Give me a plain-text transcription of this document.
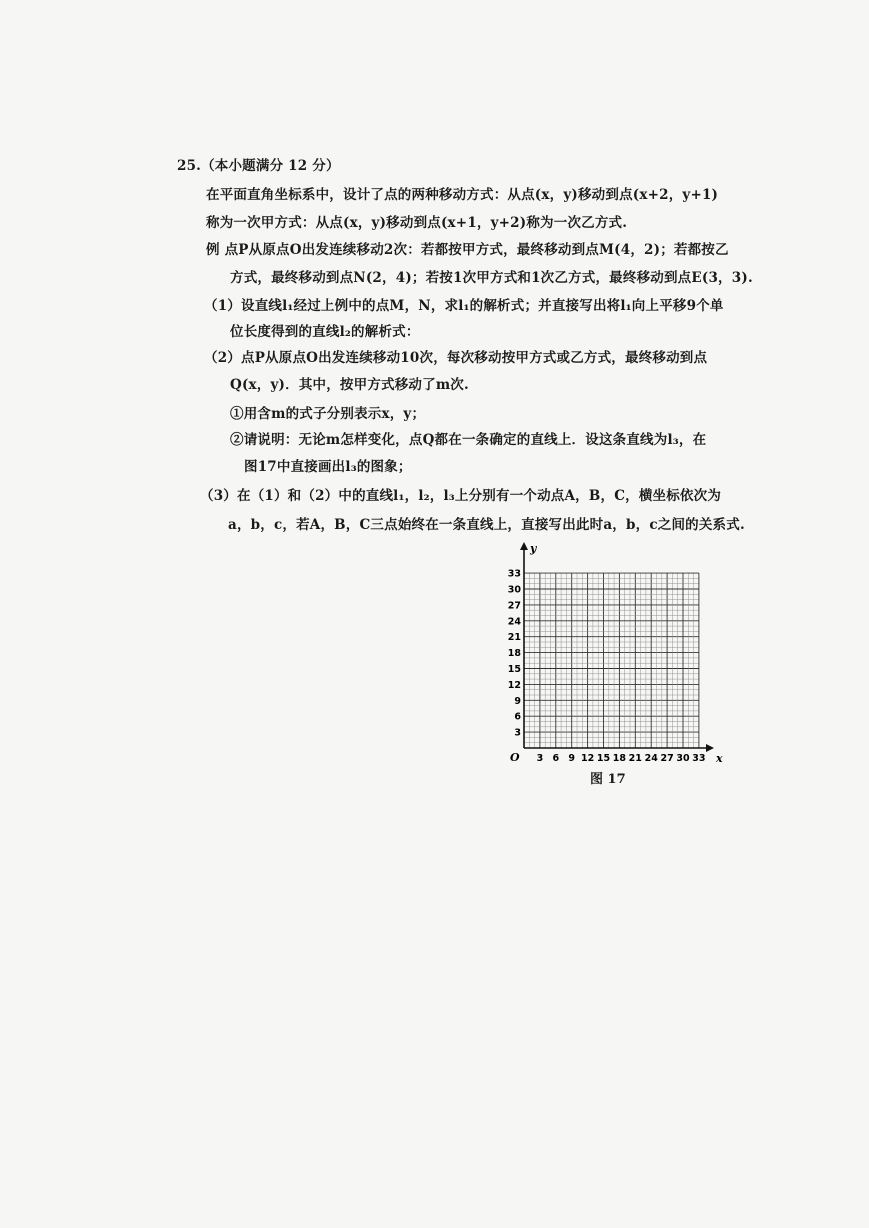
25.（本小题满分 12 分）
在平面直角坐标系中，设计了点的两种移动方式：从点(x，y)移动到点(x+2，y+1)
称为一次甲方式：从点(x，y)移动到点(x+1，y+2)称为一次乙方式.
例 点P从原点O出发连续移动2次：若都按甲方式，最终移动到点M(4，2)；若都按乙
方式，最终移动到点N(2，4)；若按1次甲方式和1次乙方式，最终移动到点E(3，3).
（1）设直线l₁经过上例中的点M，N，求l₁的解析式；并直接写出将l₁向上平移9个单
位长度得到的直线l₂的解析式：
（2）点P从原点O出发连续移动10次，每次移动按甲方式或乙方式，最终移动到点
Q(x，y)．其中，按甲方式移动了m次.
①用含m的式子分别表示x，y；
②请说明：无论m怎样变化，点Q都在一条确定的直线上．设这条直线为l₃，在
图17中直接画出l₃的图象；
（3）在（1）和（2）中的直线l₁，l₂，l₃上分别有一个动点A，B，C，横坐标依次为
a，b，c，若A，B，C三点始终在一条直线上，直接写出此时a，b，c之间的关系式.
x
y
O 3 6 9 12 15 18 21 24 27 30 33
3
6
9
12
15
18
21
24
27
30
33
图 17
